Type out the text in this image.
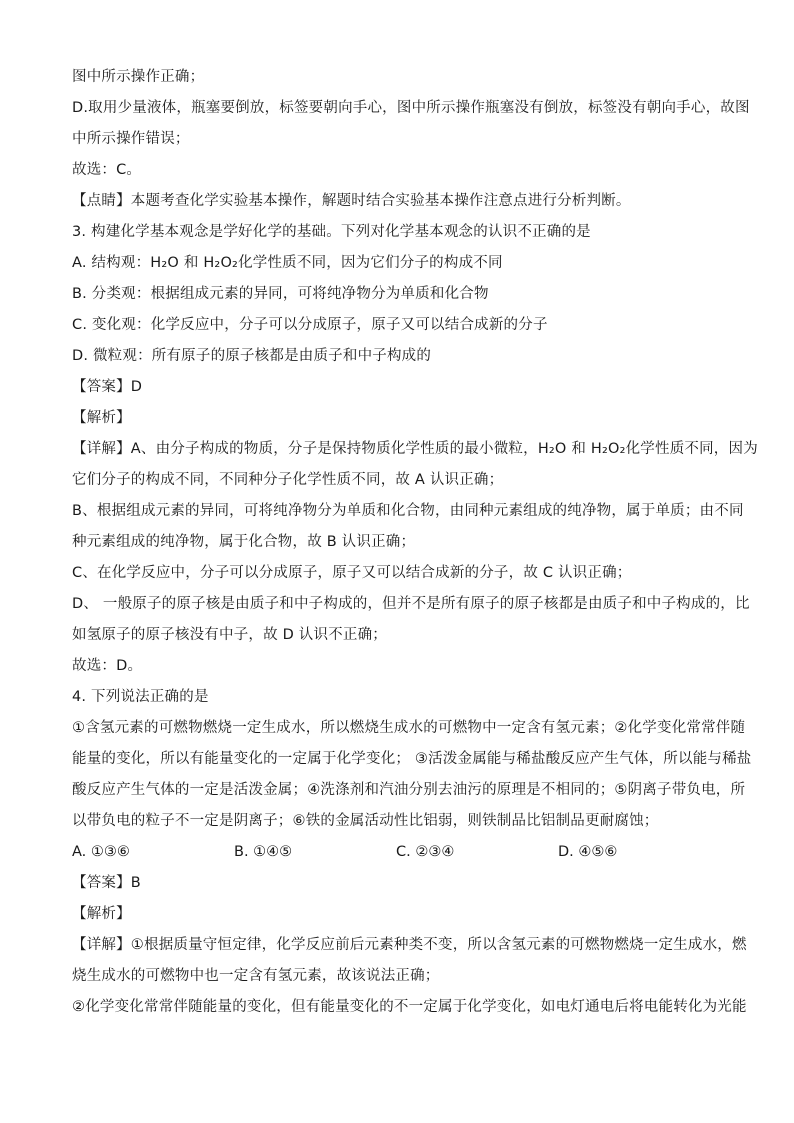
图中所示操作正确；
D.取用少量液体，瓶塞要倒放，标签要朝向手心，图中所示操作瓶塞没有倒放，标签没有朝向手心，故图
中所示操作错误；
故选：C。
【点睛】本题考查化学实验基本操作，解题时结合实验基本操作注意点进行分析判断。
3. 构建化学基本观念是学好化学的基础。下列对化学基本观念的认识不正确的是
A. 结构观：H₂O 和 H₂O₂化学性质不同，因为它们分子的构成不同
B. 分类观：根据组成元素的异同，可将纯净物分为单质和化合物
C. 变化观：化学反应中，分子可以分成原子，原子又可以结合成新的分子
D. 微粒观：所有原子的原子核都是由质子和中子构成的
【答案】D
【解析】
【详解】A、由分子构成的物质，分子是保持物质化学性质的最小微粒，H₂O 和 H₂O₂化学性质不同，因为
它们分子的构成不同，不同种分子化学性质不同，故 A 认识正确；
B、根据组成元素的异同，可将纯净物分为单质和化合物，由同种元素组成的纯净物，属于单质；由不同
种元素组成的纯净物，属于化合物，故 B 认识正确；
C、在化学反应中，分子可以分成原子，原子又可以结合成新的分子，故 C 认识正确；
D、 一般原子的原子核是由质子和中子构成的，但并不是所有原子的原子核都是由质子和中子构成的，比
如氢原子的原子核没有中子，故 D 认识不正确；
故选：D。
4. 下列说法正确的是
①含氢元素的可燃物燃烧一定生成水，所以燃烧生成水的可燃物中一定含有氢元素；②化学变化常常伴随
能量的变化，所以有能量变化的一定属于化学变化； ③活泼金属能与稀盐酸反应产生气体，所以能与稀盐
酸反应产生气体的一定是活泼金属；④洗涤剂和汽油分别去油污的原理是不相同的；⑤阴离子带负电，所
以带负电的粒子不一定是阴离子；⑥铁的金属活动性比铝弱，则铁制品比铝制品更耐腐蚀；
A. ①③⑥	B. ①④⑤	C. ②③④	D. ④⑤⑥
【答案】B
【解析】
【详解】①根据质量守恒定律，化学反应前后元素种类不变，所以含氢元素的可燃物燃烧一定生成水，燃
烧生成水的可燃物中也一定含有氢元素，故该说法正确；
②化学变化常常伴随能量的变化，但有能量变化的不一定属于化学变化，如电灯通电后将电能转化为光能
